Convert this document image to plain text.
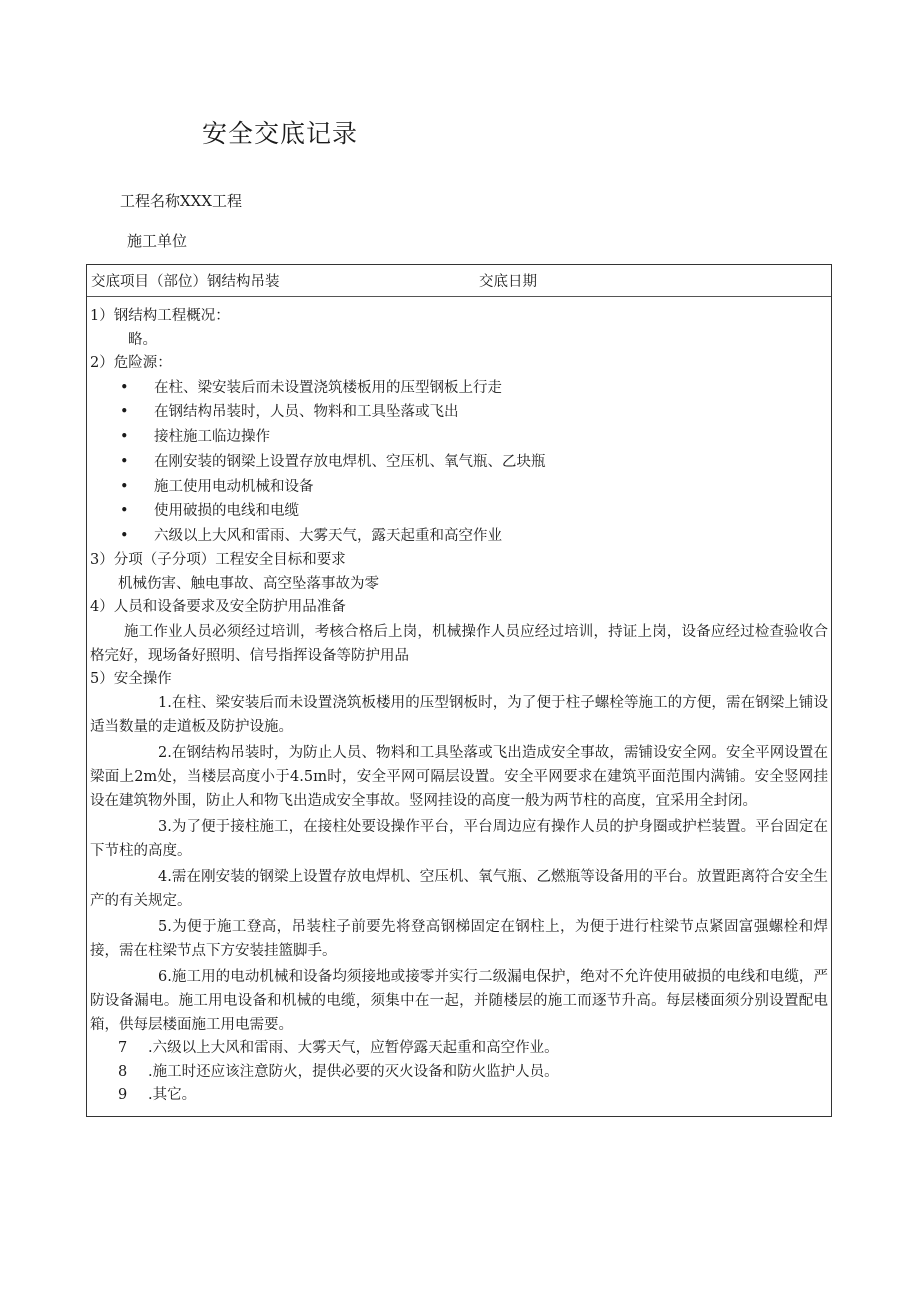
安全交底记录
工程名称XXX工程
施工单位
交底项目（部位）钢结构吊装	交底日期

1）钢结构工程概况：

略。

2）危险源：

• 在柱、梁安装后而未设置浇筑楼板用的压型钢板上行走
• 在钢结构吊装时，人员、物料和工具坠落或飞出
• 接柱施工临边操作
• 在刚安装的钢梁上设置存放电焊机、空压机、氧气瓶、乙块瓶
• 施工使用电动机械和设备
• 使用破损的电线和电缆
• 六级以上大风和雷雨、大雾天气，露天起重和高空作业

3）分项（子分项）工程安全目标和要求

机械伤害、触电事故、高空坠落事故为零

4）人员和设备要求及安全防护用品准备

施工作业人员必须经过培训，考核合格后上岗，机械操作人员应经过培训，持证上岗，设备应经过检查验收合格完好，现场备好照明、信号指挥设备等防护用品

5）安全操作

1.在柱、梁安装后而未设置浇筑板楼用的压型钢板时，为了便于柱子螺栓等施工的方便，需在钢梁上铺设适当数量的走道板及防护设施。

2.在钢结构吊装时，为防止人员、物料和工具坠落或飞出造成安全事故，需铺设安全网。安全平网设置在梁面上2m处，当楼层高度小于4.5ɪn时，安全平网可隔层设置。安全平网要求在建筑平面范围内满铺。安全竖网挂设在建筑物外围，防止人和物飞出造成安全事故。竖网挂设的高度一般为两节柱的高度，宜采用全封闭。

3.为了便于接柱施工，在接柱处要设操作平台，平台周边应有操作人员的护身圈或护栏装置。平台固定在下节柱的高度。

4.需在刚安装的钢梁上设置存放电焊机、空压机、氧气瓶、乙燃瓶等设备用的平台。放置距离符合安全生产的有关规定。

5.为便于施工登高，吊装柱子前要先将登高钢梯固定在钢柱上，为便于进行柱梁节点紧固富强螺栓和焊接，需在柱梁节点下方安装挂篮脚手。

6.施工用的电动机械和设备均须接地或接零并实行二级漏电保护，绝对不允许使用破损的电线和电缆，严防设备漏电。施工用电设备和机械的电缆，须集中在一起，并随楼层的施工而逐节升高。每层楼面须分别设置配电箱，供每层楼面施工用电需要。

7 .六级以上大风和雷雨、大雾天气，应暂停露天起重和高空作业。

8 .施工时还应该注意防火，提供必要的灭火设备和防火监护人员。

9 .其它。
